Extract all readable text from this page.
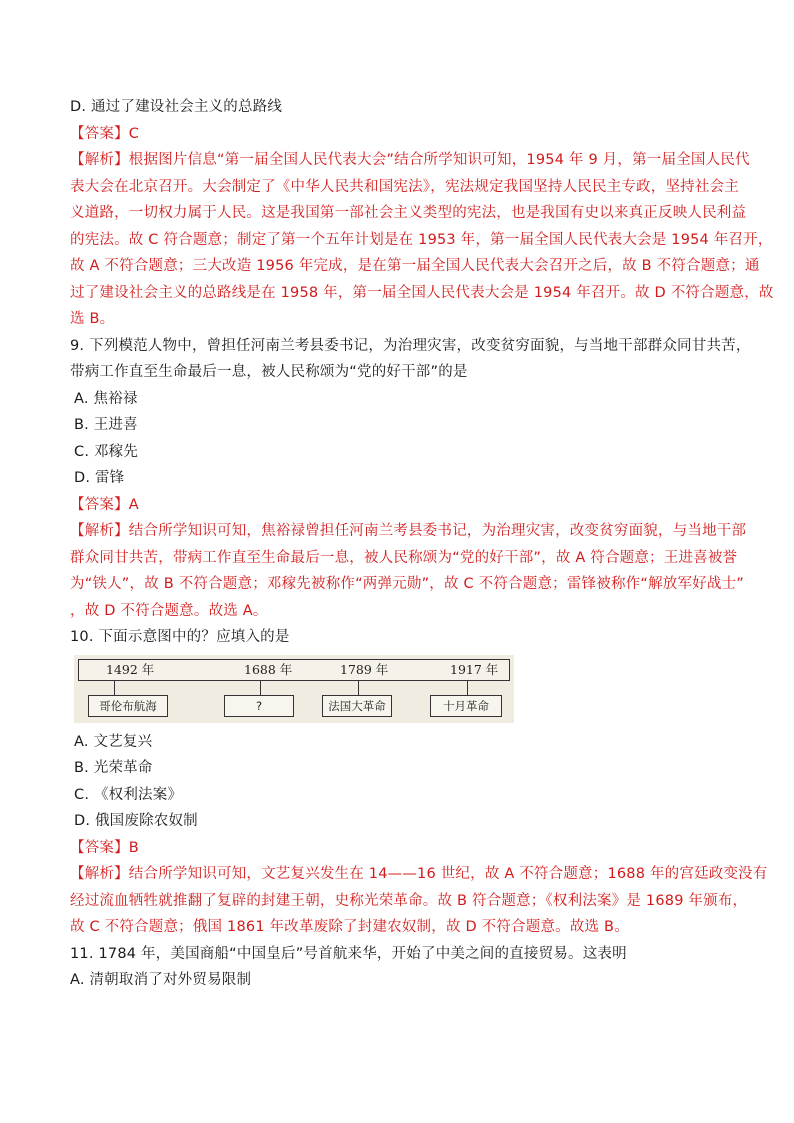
D. 通过了建设社会主义的总路线
【答案】C
【解析】根据图片信息“第一届全国人民代表大会”结合所学知识可知，1954 年 9 月，第一届全国人民代
表大会在北京召开。大会制定了《中华人民共和国宪法》，宪法规定我国坚持人民民主专政，坚持社会主
义道路，一切权力属于人民。这是我国第一部社会主义类型的宪法，也是我国有史以来真正反映人民利益
的宪法。故 C 符合题意；制定了第一个五年计划是在 1953 年，第一届全国人民代表大会是 1954 年召开，
故 A 不符合题意；三大改造 1956 年完成，是在第一届全国人民代表大会召开之后，故 B 不符合题意；通
过了建设社会主义的总路线是在 1958 年，第一届全国人民代表大会是 1954 年召开。故 D 不符合题意，故
选 B。
9. 下列模范人物中，曾担任河南兰考县委书记，为治理灾害，改变贫穷面貌，与当地干部群众同甘共苦，
带病工作直至生命最后一息，被人民称颂为“党的好干部”的是
A. 焦裕禄
B. 王进喜
C. 邓稼先
D. 雷锋
【答案】A
【解析】结合所学知识可知，焦裕禄曾担任河南兰考县委书记，为治理灾害，改变贫穷面貌，与当地干部
群众同甘共苦，带病工作直至生命最后一息，被人民称颂为“党的好干部”，故 A 符合题意；王进喜被誉
为“铁人”，故 B 不符合题意；邓稼先被称作“两弹元勋”，故 C 不符合题意；雷锋被称作“解放军好战士”
，故 D 不符合题意。故选 A。
10. 下面示意图中的？应填入的是
1492 年	1688 年	1789 年	1917 年
哥伦布航海	?	法国大革命	十月革命
A. 文艺复兴
B. 光荣革命
C. 《权利法案》
D. 俄国废除农奴制
【答案】B
【解析】结合所学知识可知，文艺复兴发生在 14——16 世纪，故 A 不符合题意；1688 年的宫廷政变没有
经过流血牺牲就推翻了复辟的封建王朝，史称光荣革命。故 B 符合题意；《权利法案》是 1689 年颁布，
故 C 不符合题意；俄国 1861 年改革废除了封建农奴制，故 D 不符合题意。故选 B。
11. 1784 年，美国商船“中国皇后”号首航来华，开始了中美之间的直接贸易。这表明
A. 清朝取消了对外贸易限制
